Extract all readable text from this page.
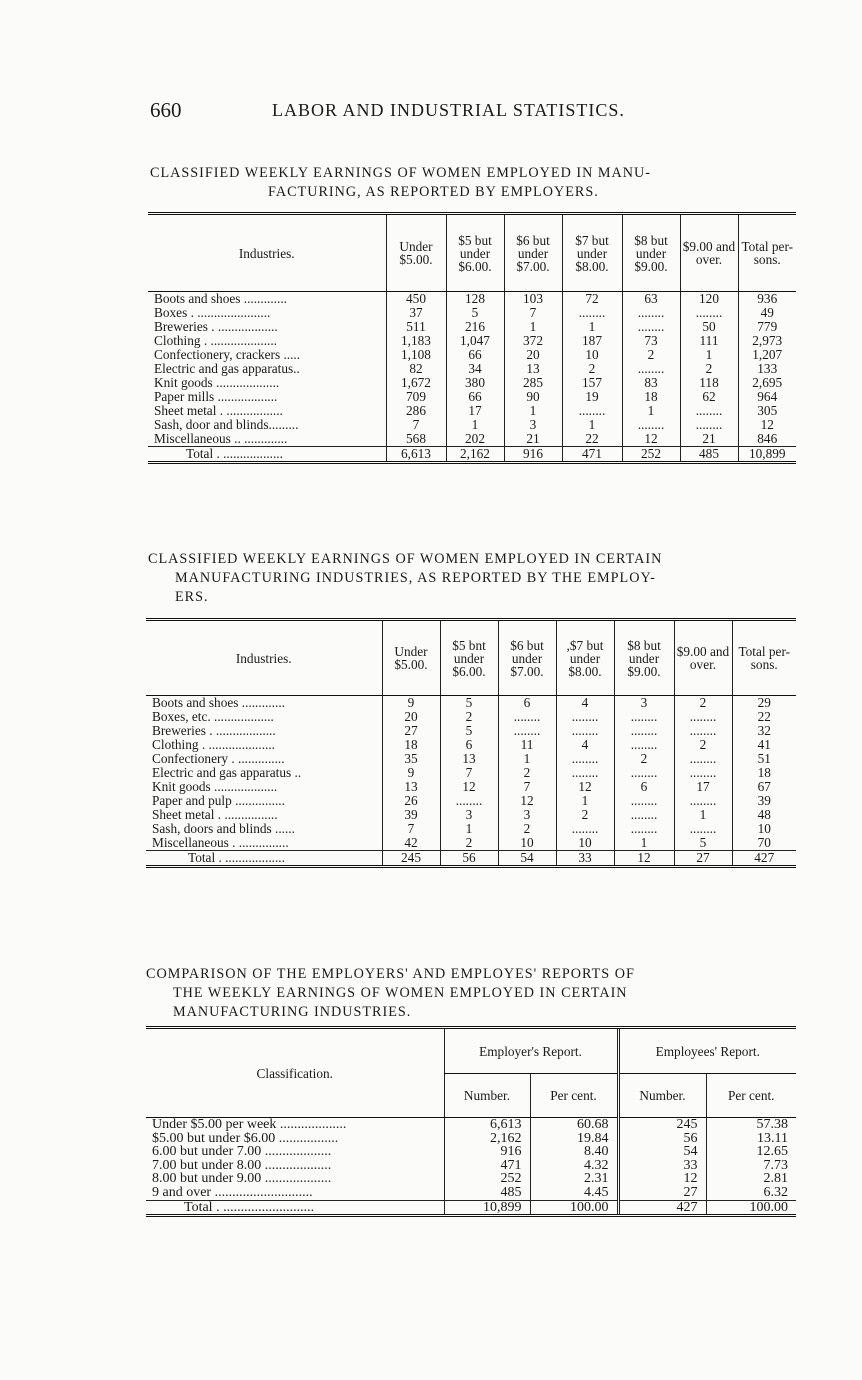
660	LABOR AND INDUSTRIAL STATISTICS.
CLASSIFIED WEEKLY EARNINGS OF WOMEN EMPLOYED IN MANU-
FACTURING, AS REPORTED BY EMPLOYERS.
Industries.	Under $5.00.	$5 but under $6.00.	$6 but under $7.00.	$7 but under $8.00.	$8 but under $9.00.	$9.00 and over.	Total per- sons.
Boots and shoes .............	450	128	103	72	63	120	936
Boxes . ......................	37	5	7	........	........	........	49
Breweries . ..................	511	216	1	1	........	50	779
Clothing . ....................	1,183	1,047	372	187	73	111	2,973
Confectionery, crackers .....	1,108	66	20	10	2	1	1,207
Electric and gas apparatus..	82	34	13	2	........	2	133
Knit goods ...................	1,672	380	285	157	83	118	2,695
Paper mills ..................	709	66	90	19	18	62	964
Sheet metal . .................	286	17	1	........	1	........	305
Sash, door and blinds.........	7	1	3	1	........	........	12
Miscellaneous .. .............	568	202	21	22	12	21	846
Total . ..................	6,613	2,162	916	471	252	485	10,899
CLASSIFIED WEEKLY EARNINGS OF WOMEN EMPLOYED IN CERTAIN
MANUFACTURING INDUSTRIES, AS REPORTED BY THE EMPLOY-
ERS.
Industries.	Under $5.00.	$5 bnt under $6.00.	$6 but under $7.00.	,$7 but under $8.00.	$8 but under $9.00.	$9.00 and over.	Total per- sons.
Boots and shoes .............	9	5	6	4	3	2	29
Boxes, etc. ..................	20	2	........	........	........	........	22
Breweries . ..................	27	5	........	........	........	........	32
Clothing . ....................	18	6	11	4	........	2	41
Confectionery . ..............	35	13	1	........	2	........	51
Electric and gas apparatus ..	9	7	2	........	........	........	18
Knit goods ...................	13	12	7	12	6	17	67
Paper and pulp ...............	26	........	12	1	........	........	39
Sheet metal . ................	39	3	3	2	........	1	48
Sash, doors and blinds ......	7	1	2	........	........	........	10
Miscellaneous . ...............	42	2	10	10	1	5	70
Total . ..................	245	56	54	33	12	27	427
COMPARISON OF THE EMPLOYERS' AND EMPLOYES' REPORTS OF
THE WEEKLY EARNINGS OF WOMEN EMPLOYED IN CERTAIN
MANUFACTURING INDUSTRIES.
Classification.	Employer's Report.		Employees' Report.	
	Number.	Per cent.	Number.	Per cent.
Under $5.00 per week ...................	6,613	60.68	245	57.38
$5.00 but under $6.00 .................	2,162	19.84	56	13.11
6.00 but under 7.00 ...................	916	8.40	54	12.65
7.00 but under 8.00 ...................	471	4.32	33	7.73
8.00 but under 9.00 ...................	252	2.31	12	2.81
9 and over ............................	485	4.45	27	6.32
Total . ..........................	10,899	100.00	427	100.00
